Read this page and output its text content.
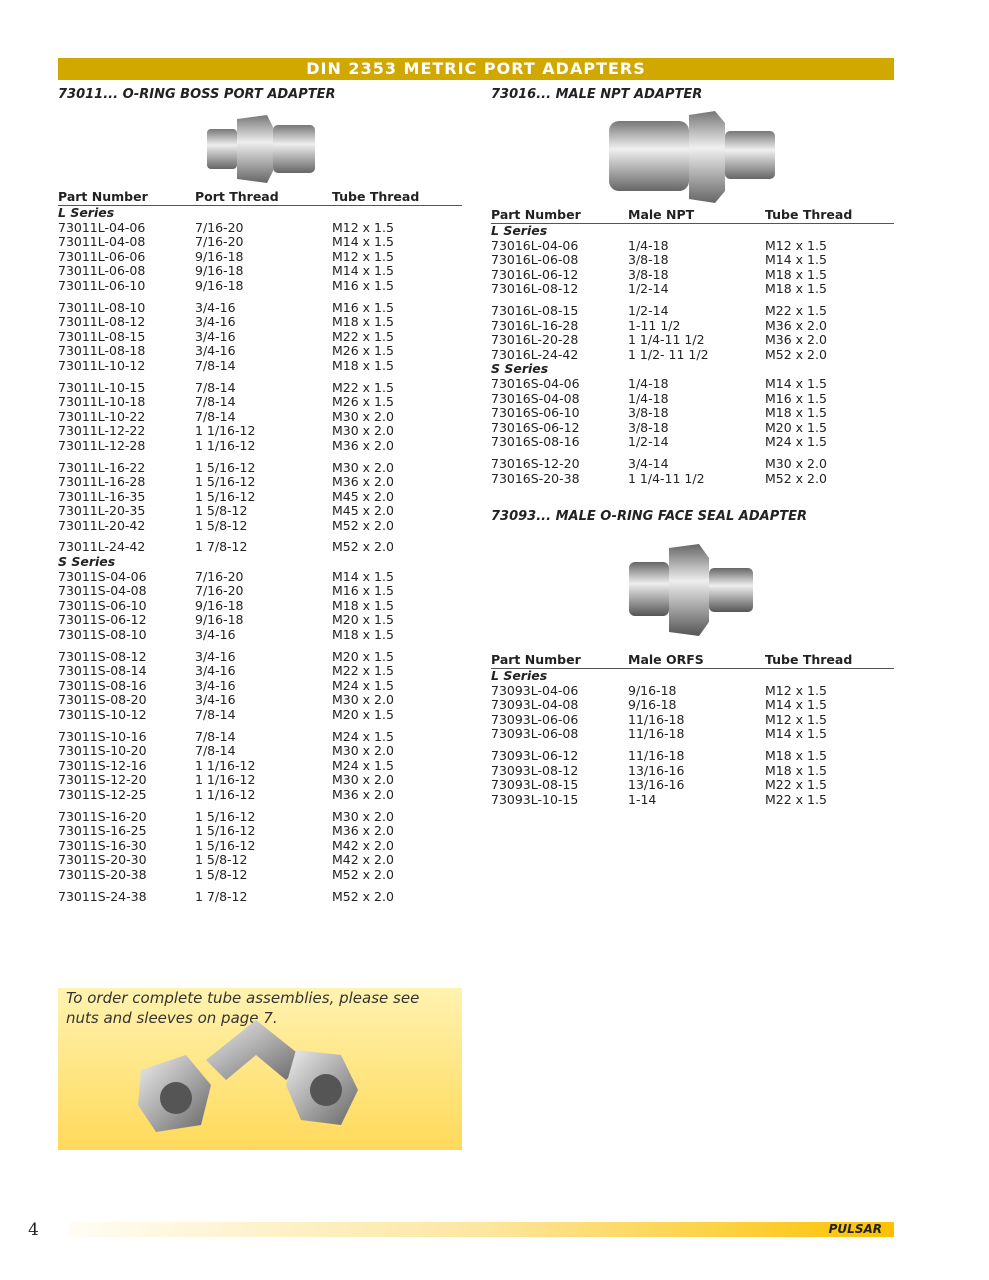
DIN 2353 METRIC PORT ADAPTERS
73011... O-RING BOSS PORT ADAPTER
Part Number	Port Thread	Tube Thread
L Series
73011L-04-06	7/16-20	M12 x 1.5
73011L-04-08	7/16-20	M14 x 1.5
73011L-06-06	9/16-18	M12 x 1.5
73011L-06-08	9/16-18	M14 x 1.5
73011L-06-10	9/16-18	M16 x 1.5
73011L-08-10	3/4-16	M16 x 1.5
73011L-08-12	3/4-16	M18 x 1.5
73011L-08-15	3/4-16	M22 x 1.5
73011L-08-18	3/4-16	M26 x 1.5
73011L-10-12	7/8-14	M18 x 1.5
73011L-10-15	7/8-14	M22 x 1.5
73011L-10-18	7/8-14	M26 x 1.5
73011L-10-22	7/8-14	M30 x 2.0
73011L-12-22	1 1/16-12	M30 x 2.0
73011L-12-28	1 1/16-12	M36 x 2.0
73011L-16-22	1 5/16-12	M30 x 2.0
73011L-16-28	1 5/16-12	M36 x 2.0
73011L-16-35	1 5/16-12	M45 x 2.0
73011L-20-35	1 5/8-12	M45 x 2.0
73011L-20-42	1 5/8-12	M52 x 2.0
73011L-24-42	1 7/8-12	M52 x 2.0
S Series
73011S-04-06	7/16-20	M14 x 1.5
73011S-04-08	7/16-20	M16 x 1.5
73011S-06-10	9/16-18	M18 x 1.5
73011S-06-12	9/16-18	M20 x 1.5
73011S-08-10	3/4-16	M18 x 1.5
73011S-08-12	3/4-16	M20 x 1.5
73011S-08-14	3/4-16	M22 x 1.5
73011S-08-16	3/4-16	M24 x 1.5
73011S-08-20	3/4-16	M30 x 2.0
73011S-10-12	7/8-14	M20 x 1.5
73011S-10-16	7/8-14	M24 x 1.5
73011S-10-20	7/8-14	M30 x 2.0
73011S-12-16	1 1/16-12	M24 x 1.5
73011S-12-20	1 1/16-12	M30 x 2.0
73011S-12-25	1 1/16-12	M36 x 2.0
73011S-16-20	1 5/16-12	M30 x 2.0
73011S-16-25	1 5/16-12	M36 x 2.0
73011S-16-30	1 5/16-12	M42 x 2.0
73011S-20-30	1 5/8-12	M42 x 2.0
73011S-20-38	1 5/8-12	M52 x 2.0
73011S-24-38	1 7/8-12	M52 x 2.0
73016... MALE NPT ADAPTER
Part Number	Male NPT	Tube Thread
L Series
73016L-04-06	1/4-18	M12 x 1.5
73016L-06-08	3/8-18	M14 x 1.5
73016L-06-12	3/8-18	M18 x 1.5
73016L-08-12	1/2-14	M18 x 1.5
73016L-08-15	1/2-14	M22 x 1.5
73016L-16-28	1-11 1/2	M36 x 2.0
73016L-20-28	1 1/4-11 1/2	M36 x 2.0
73016L-24-42	1 1/2- 11 1/2	M52 x 2.0
S Series
73016S-04-06	1/4-18	M14 x 1.5
73016S-04-08	1/4-18	M16 x 1.5
73016S-06-10	3/8-18	M18 x 1.5
73016S-06-12	3/8-18	M20 x 1.5
73016S-08-16	1/2-14	M24 x 1.5
73016S-12-20	3/4-14	M30 x 2.0
73016S-20-38	1 1/4-11 1/2	M52 x 2.0
73093... MALE O-RING FACE SEAL ADAPTER
Part Number	Male ORFS	Tube Thread
L Series
73093L-04-06	9/16-18	M12 x 1.5
73093L-04-08	9/16-18	M14 x 1.5
73093L-06-06	11/16-18	M12 x 1.5
73093L-06-08	11/16-18	M14 x 1.5
73093L-06-12	11/16-18	M18 x 1.5
73093L-08-12	13/16-16	M18 x 1.5
73093L-08-15	13/16-16	M22 x 1.5
73093L-10-15	1-14	M22 x 1.5
To order complete tube assemblies, please see nuts and sleeves on page 7.
4	PULSAR
